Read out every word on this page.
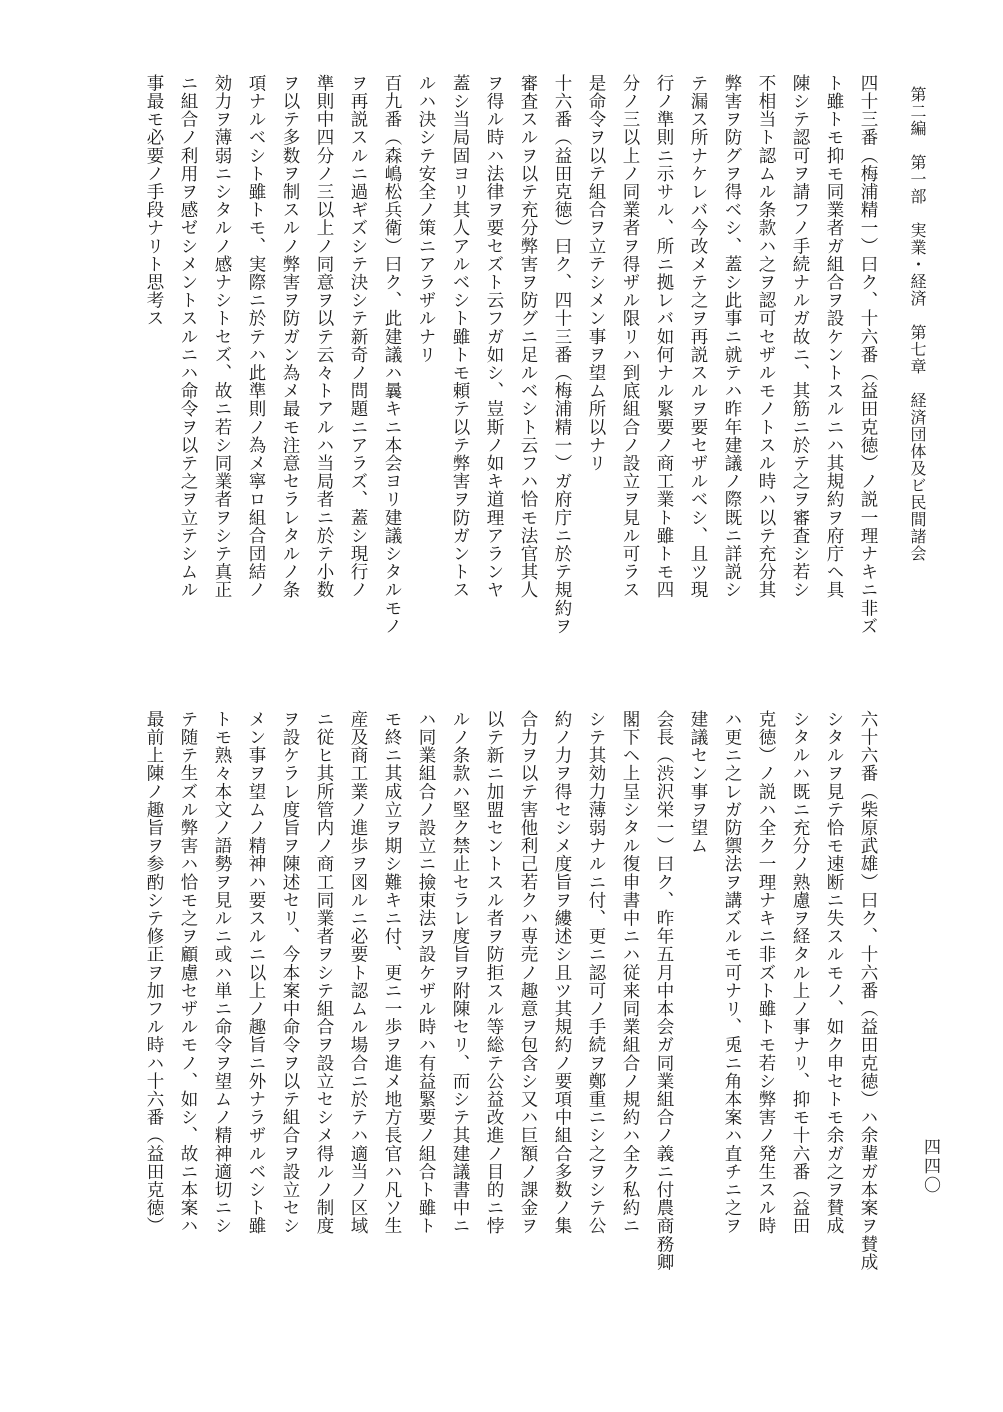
第二編　第一部　実業・経済　第七章　経済団体及ビ民間諸会
四四〇
四十三番（梅浦精一）曰ク、十六番（益田克徳）ノ説一理ナキニ非ズ
ト雖トモ抑モ同業者ガ組合ヲ設ケントスルニハ其規約ヲ府庁ヘ具
陳シテ認可ヲ請フノ手続ナルガ故ニ、其筋ニ於テ之ヲ審査シ若シ
不相当ト認ムル条款ハ之ヲ認可セザルモノトスル時ハ以テ充分其
弊害ヲ防グヲ得ベシ、蓋シ此事ニ就テハ昨年建議ノ際既ニ詳説シ
テ漏ス所ナケレバ今改メテ之ヲ再説スルヲ要セザルベシ、且ツ現
行ノ準則ニ示サル、所ニ拠レバ如何ナル緊要ノ商工業ト雖トモ四
分ノ三以上ノ同業者ヲ得ザル限リハ到底組合ノ設立ヲ見ル可ラス
是命令ヲ以テ組合ヲ立テシメン事ヲ望ム所以ナリ
十六番（益田克徳）曰ク、四十三番（梅浦精一）ガ府庁ニ於テ規約ヲ
審査スルヲ以テ充分弊害ヲ防グニ足ルベシト云フハ恰モ法官其人
ヲ得ル時ハ法律ヲ要セズト云フガ如シ、豈斯ノ如キ道理アランヤ
蓋シ当局固ヨリ其人アルベシト雖トモ頼テ以テ弊害ヲ防ガントス
ルハ決シテ安全ノ策ニアラザルナリ
百九番（森嶋松兵衛）曰ク、此建議ハ曩キニ本会ヨリ建議シタルモノ
ヲ再説スルニ過ギズシテ決シテ新奇ノ問題ニアラズ、蓋シ現行ノ
準則中四分ノ三以上ノ同意ヲ以テ云々トアルハ当局者ニ於テ小数
ヲ以テ多数ヲ制スルノ弊害ヲ防ガン為メ最モ注意セラレタルノ条
項ナルベシト雖トモ、実際ニ於テハ此準則ノ為メ寧ロ組合団結ノ
効力ヲ薄弱ニシタルノ感ナシトセズ、故ニ若シ同業者ヲシテ真正
ニ組合ノ利用ヲ感ゼシメントスルニハ命令ヲ以テ之ヲ立テシムル
事最モ必要ノ手段ナリト思考ス
六十六番（柴原武雄）曰ク、十六番（益田克徳）ハ余輩ガ本案ヲ賛成
シタルヲ見テ恰モ速断ニ失スルモノ、如ク申セトモ余ガ之ヲ賛成
シタルハ既ニ充分ノ熟慮ヲ経タル上ノ事ナリ、抑モ十六番（益田
克徳）ノ説ハ全ク一理ナキニ非ズト雖トモ若シ弊害ノ発生スル時
ハ更ニ之レガ防禦法ヲ講ズルモ可ナリ、兎ニ角本案ハ直チニ之ヲ
建議セン事ヲ望ム
会長（渋沢栄一）曰ク、昨年五月中本会ガ同業組合ノ義ニ付農商務卿
閣下ヘ上呈シタル復申書中ニハ従来同業組合ノ規約ハ全ク私約ニ
シテ其効力薄弱ナルニ付、更ニ認可ノ手続ヲ鄭重ニシ之ヲシテ公
約ノ力ヲ得セシメ度旨ヲ縷述シ且ツ其規約ノ要項中組合多数ノ集
合力ヲ以テ害他利己若クハ専売ノ趣意ヲ包含シ又ハ巨額ノ課金ヲ
以テ新ニ加盟セントスル者ヲ防拒スル等総テ公益改進ノ目的ニ悖
ルノ条款ハ堅ク禁止セラレ度旨ヲ附陳セリ、而シテ其建議書中ニ
ハ同業組合ノ設立ニ撿束法ヲ設ケザル時ハ有益緊要ノ組合ト雖ト
モ終ニ其成立ヲ期シ難キニ付、更ニ一歩ヲ進メ地方長官ハ凡ソ生
産及商工業ノ進歩ヲ図ルニ必要ト認ムル場合ニ於テハ適当ノ区域
ニ従ヒ其所管内ノ商工同業者ヲシテ組合ヲ設立セシメ得ルノ制度
ヲ設ケラレ度旨ヲ陳述セリ、今本案中命令ヲ以テ組合ヲ設立セシ
メン事ヲ望ムノ精神ハ要スルニ以上ノ趣旨ニ外ナラザルベシト雖
トモ熟々本文ノ語勢ヲ見ルニ或ハ単ニ命令ヲ望ムノ精神適切ニシ
テ随テ生ズル弊害ハ恰モ之ヲ顧慮セザルモノ、如シ、故ニ本案ハ
最前上陳ノ趣旨ヲ参酌シテ修正ヲ加フル時ハ十六番（益田克徳）
